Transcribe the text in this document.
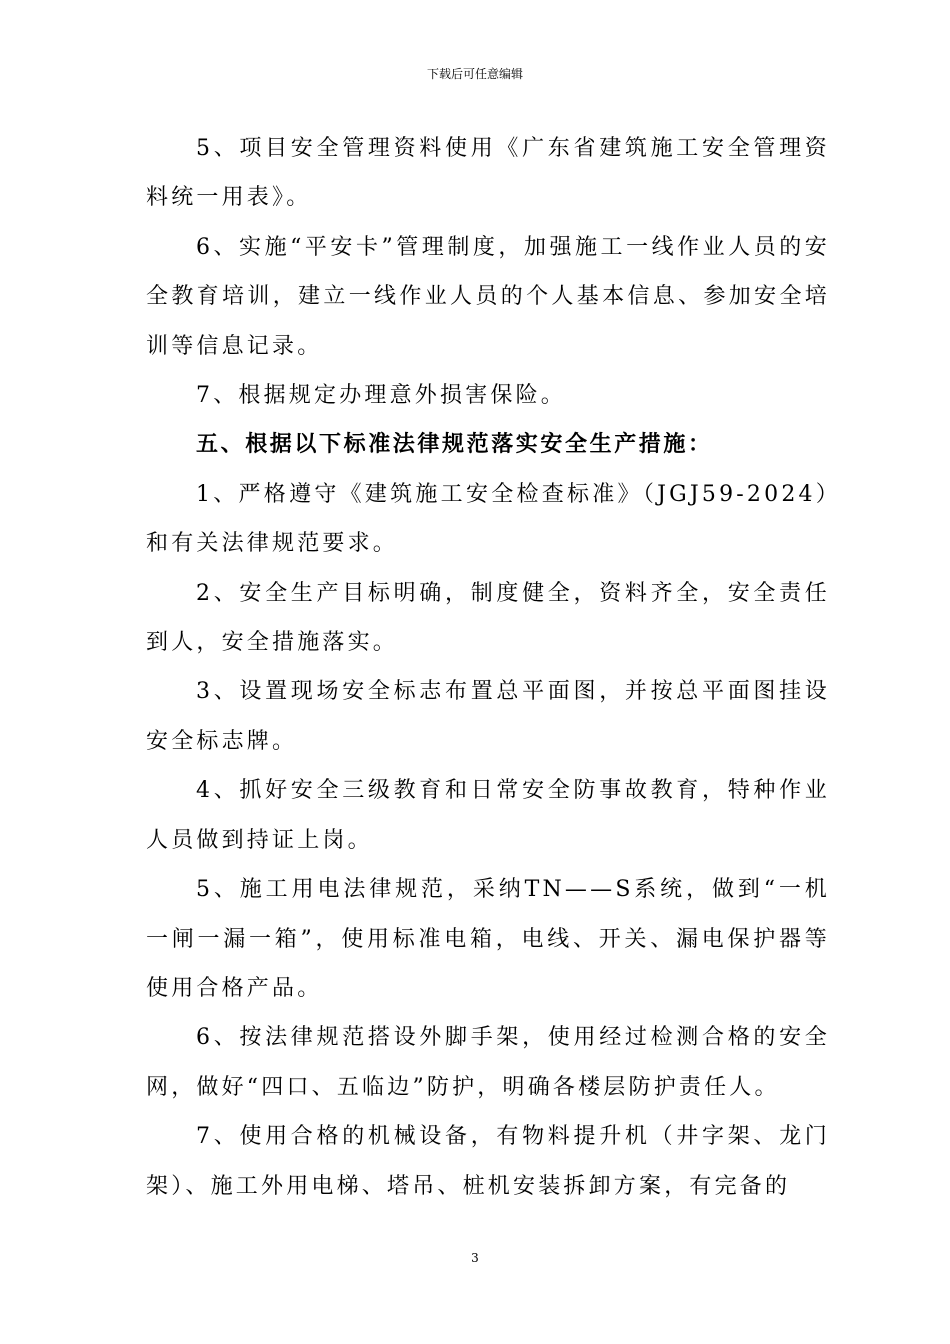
下载后可任意编辑

5、项目安全管理资料使用《广东省建筑施工安全管理资料统一用表》。

6、实施“平安卡”管理制度，加强施工一线作业人员的安全教育培训，建立一线作业人员的个人基本信息、参加安全培训等信息记录。

7、根据规定办理意外损害保险。

五、根据以下标准法律规范落实安全生产措施：

1、严格遵守《建筑施工安全检查标准》（JGJ59-2024）和有关法律规范要求。

2、安全生产目标明确，制度健全，资料齐全，安全责任到人，安全措施落实。

3、设置现场安全标志布置总平面图，并按总平面图挂设安全标志牌。

4、抓好安全三级教育和日常安全防事故教育，特种作业人员做到持证上岗。

5、施工用电法律规范，采纳TN——S系统，做到“一机一闸一漏一箱”，使用标准电箱，电线、开关、漏电保护器等使用合格产品。

6、按法律规范搭设外脚手架，使用经过检测合格的安全网，做好“四口、五临边”防护，明确各楼层防护责任人。

7、使用合格的机械设备，有物料提升机（井字架、龙门架）、施工外用电梯、塔吊、桩机安装拆卸方案，有完备的

3
